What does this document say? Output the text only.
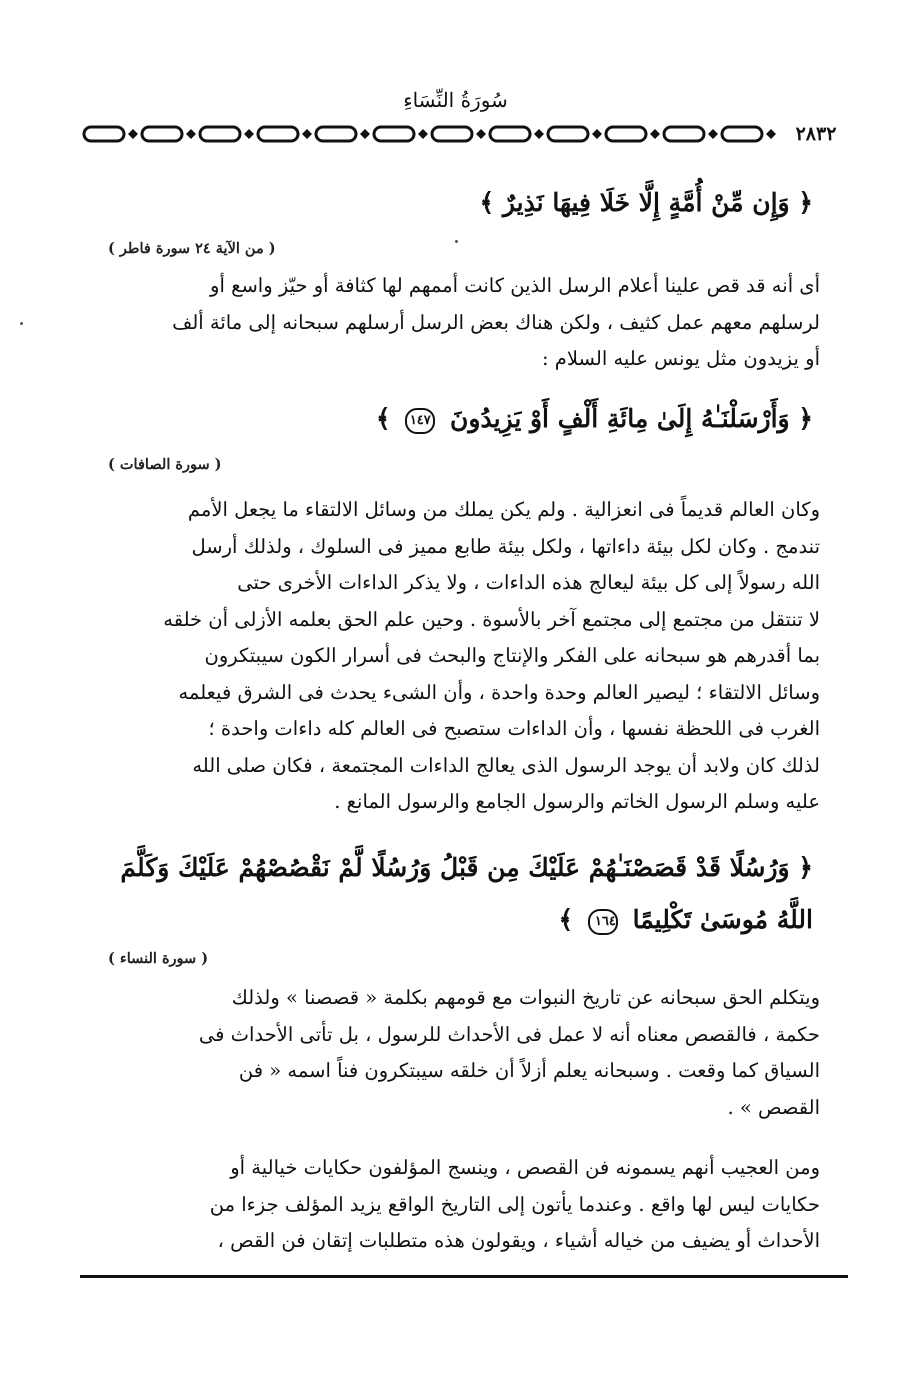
سُورَةُ النِّسَاءِ
٢٨٣٢
﴿ وَإِن مِّنْ أُمَّةٍ إِلَّا خَلَا فِيهَا نَذِيرٌ ﴾
( من الآية ٢٤ سورة فاطر )
أى أنه قد قص علينا أعلام الرسل الذين كانت أممهم لها كثافة أو حيّز واسع أو
لرسلهم معهم عمل كثيف ، ولكن هناك بعض الرسل أرسلهم سبحانه إلى مائة ألف
أو يزيدون مثل يونس عليه السلام :
﴿ وَأَرْسَلْنَـٰهُ إِلَىٰ مِائَةِ أَلْفٍ أَوْ يَزِيدُونَ ١٤٧ ﴾
( سورة الصافات )
وكان العالم قديماً فى انعزالية . ولم يكن يملك من وسائل الالتقاء ما يجعل الأمم
تندمج . وكان لكل بيئة داءاتها ، ولكل بيئة طابع مميز فى السلوك ، ولذلك أرسل
الله رسولاً إلى كل بيئة ليعالج هذه الداءات ، ولا يذكر الداءات الأخرى حتى
لا تنتقل من مجتمع إلى مجتمع آخر بالأسوة . وحين علم الحق بعلمه الأزلى أن خلقه
بما أقدرهم هو سبحانه على الفكر والإنتاج والبحث فى أسرار الكون سيبتكرون
وسائل الالتقاء ؛ ليصير العالم وحدة واحدة ، وأن الشىء يحدث فى الشرق فيعلمه
الغرب فى اللحظة نفسها ، وأن الداءات ستصبح فى العالم كله داءات واحدة ؛
لذلك كان ولابد أن يوجد الرسول الذى يعالج الداءات المجتمعة ، فكان صلى الله
عليه وسلم الرسول الخاتم والرسول الجامع والرسول المانع .
﴿ وَرُسُلًا قَدْ قَصَصْنَـٰهُمْ عَلَيْكَ مِن قَبْلُ وَرُسُلًا لَّمْ نَقْصُصْهُمْ عَلَيْكَ وَكَلَّمَ
اللَّهُ مُوسَىٰ تَكْلِيمًا ١٦٤ ﴾
( سورة النساء )
ويتكلم الحق سبحانه عن تاريخ النبوات مع قومهم بكلمة « قصصنا » ولذلك
حكمة ، فالقصص معناه أنه لا عمل فى الأحداث للرسول ، بل تأتى الأحداث فى
السياق كما وقعت . وسبحانه يعلم أزلاً أن خلقه سيبتكرون فناً اسمه « فن
القصص » .
ومن العجيب أنهم يسمونه فن القصص ، وينسج المؤلفون حكايات خيالية أو
حكايات ليس لها واقع . وعندما يأتون إلى التاريخ الواقع يزيد المؤلف جزءا من
الأحداث أو يضيف من خياله أشياء ، ويقولون هذه متطلبات إتقان فن القص ،
